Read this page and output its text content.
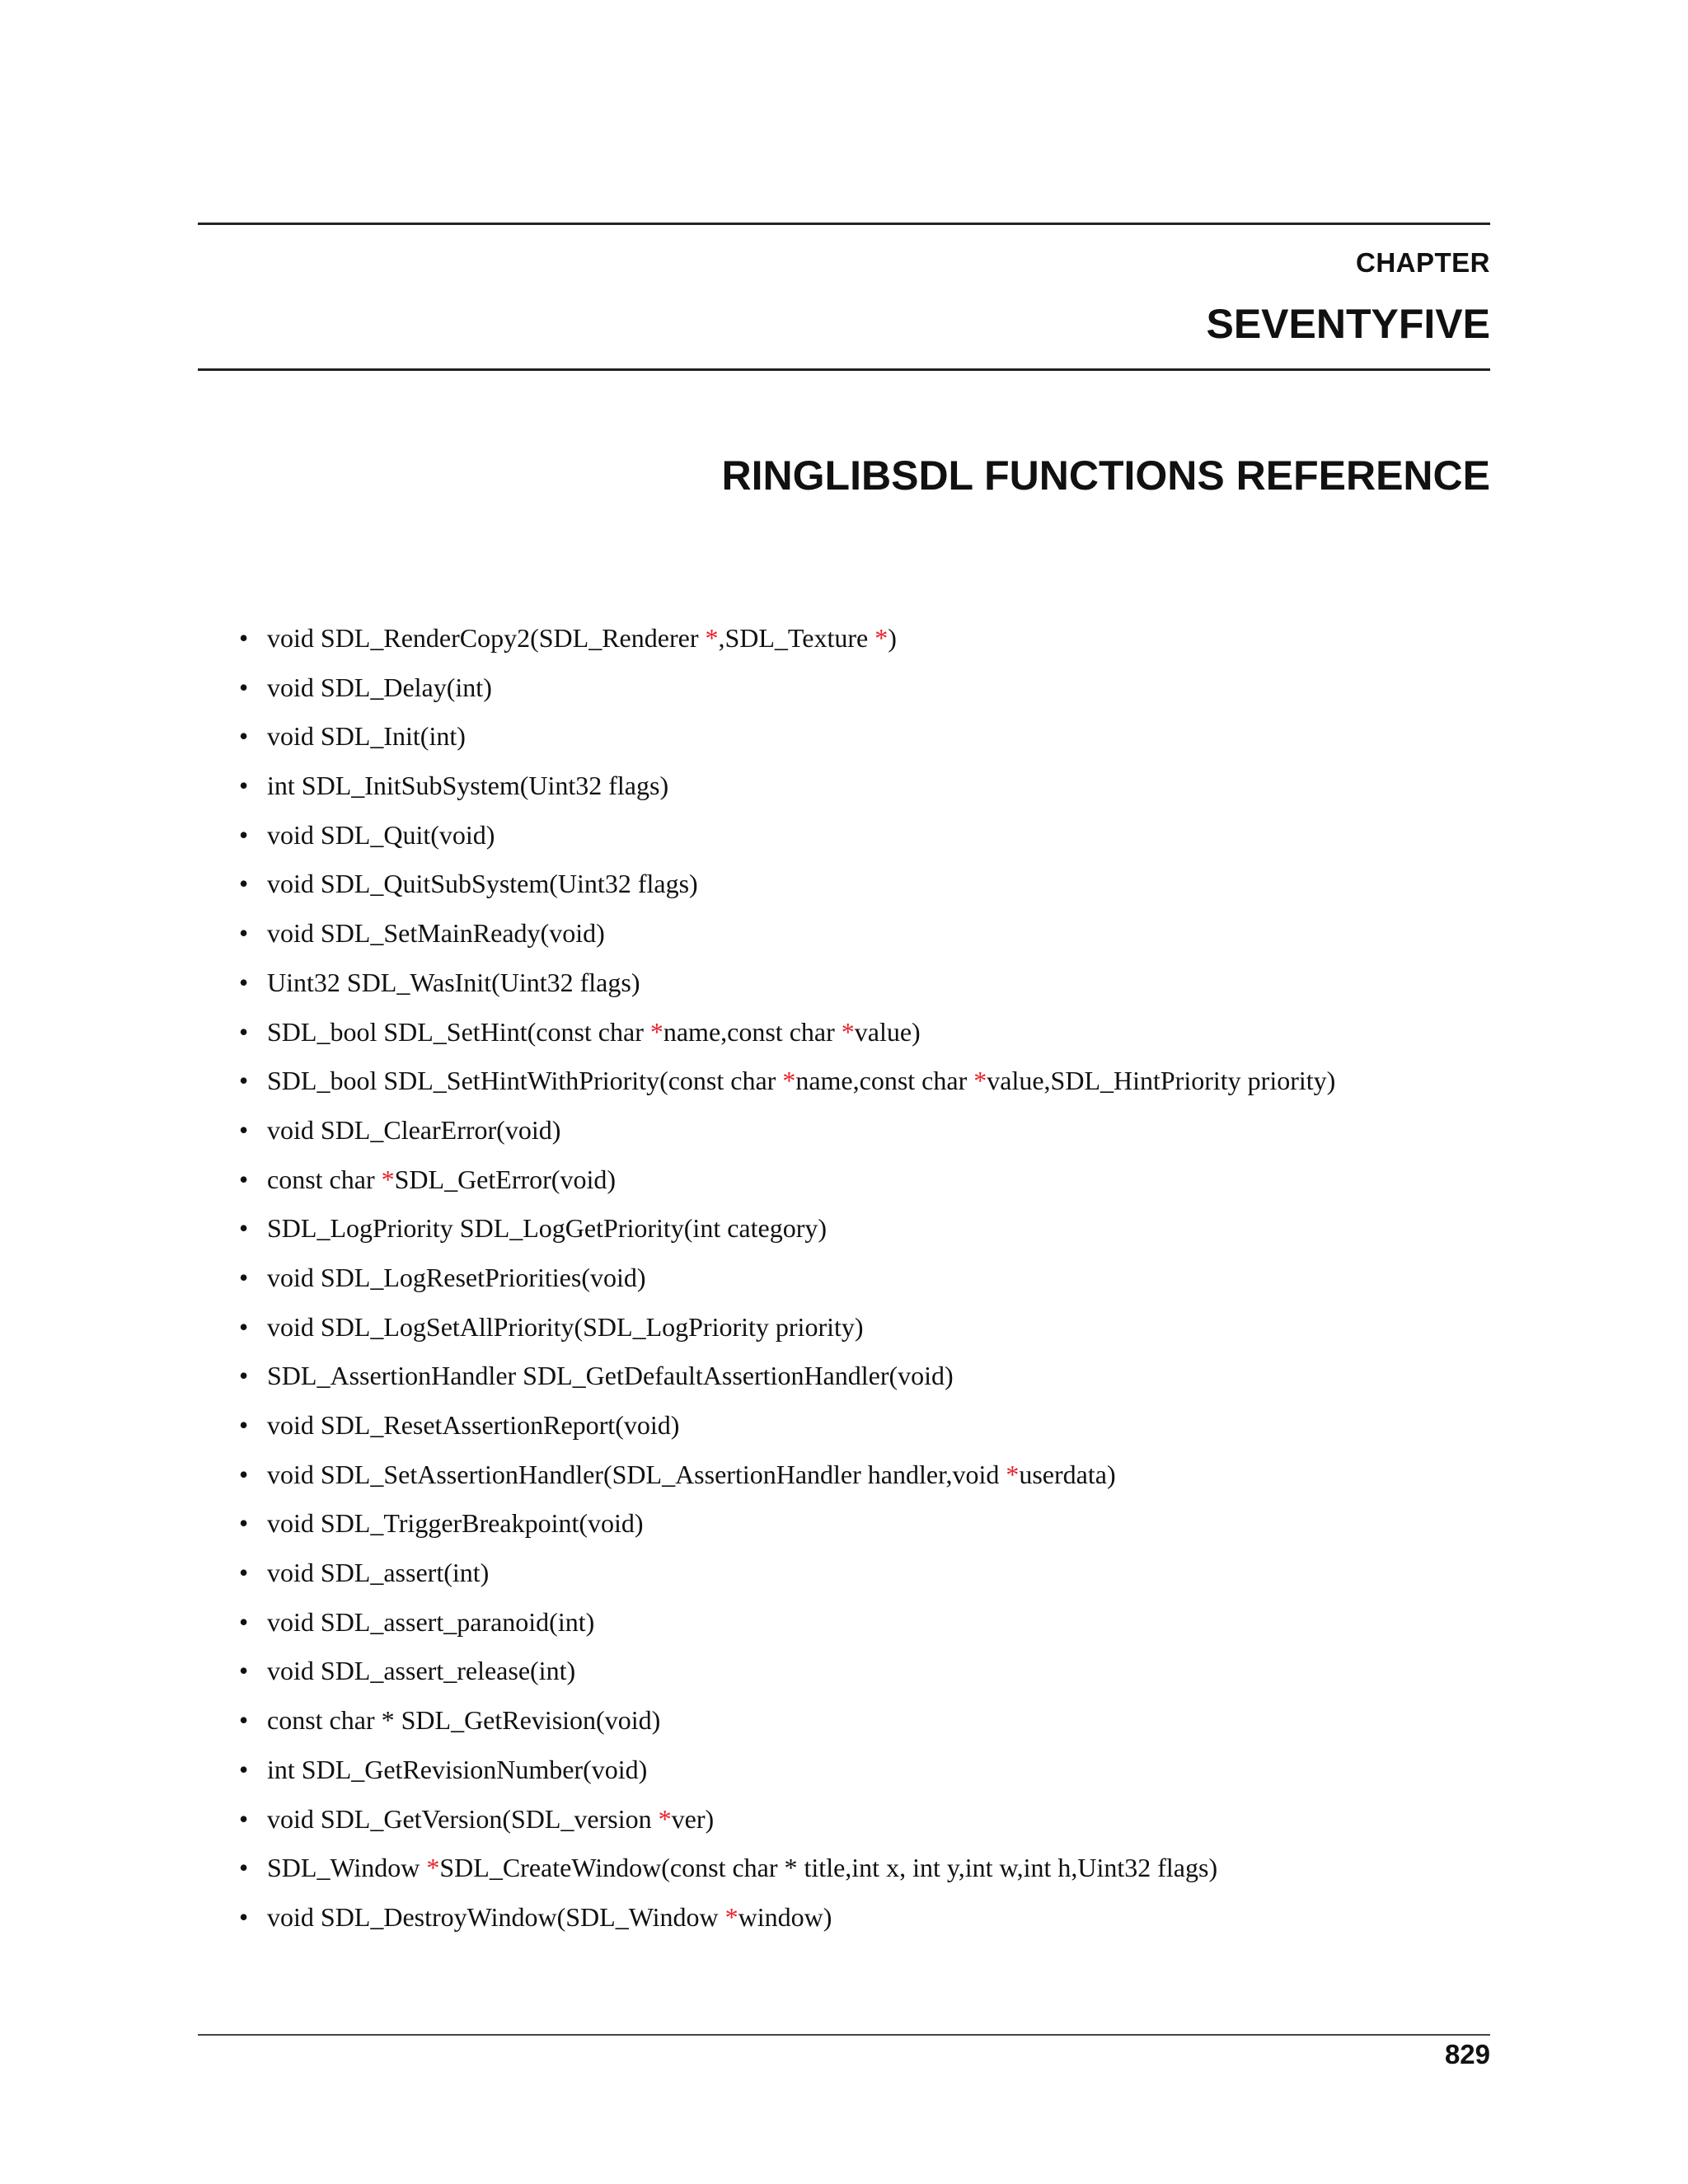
CHAPTER
SEVENTYFIVE
RINGLIBSDL FUNCTIONS REFERENCE
• void SDL_RenderCopy2(SDL_Renderer *,SDL_Texture *)
• void SDL_Delay(int)
• void SDL_Init(int)
• int SDL_InitSubSystem(Uint32 flags)
• void SDL_Quit(void)
• void SDL_QuitSubSystem(Uint32 flags)
• void SDL_SetMainReady(void)
• Uint32 SDL_WasInit(Uint32 flags)
• SDL_bool SDL_SetHint(const char *name,const char *value)
• SDL_bool SDL_SetHintWithPriority(const char *name,const char *value,SDL_HintPriority priority)
• void SDL_ClearError(void)
• const char *SDL_GetError(void)
• SDL_LogPriority SDL_LogGetPriority(int category)
• void SDL_LogResetPriorities(void)
• void SDL_LogSetAllPriority(SDL_LogPriority priority)
• SDL_AssertionHandler SDL_GetDefaultAssertionHandler(void)
• void SDL_ResetAssertionReport(void)
• void SDL_SetAssertionHandler(SDL_AssertionHandler handler,void *userdata)
• void SDL_TriggerBreakpoint(void)
• void SDL_assert(int)
• void SDL_assert_paranoid(int)
• void SDL_assert_release(int)
• const char * SDL_GetRevision(void)
• int SDL_GetRevisionNumber(void)
• void SDL_GetVersion(SDL_version *ver)
• SDL_Window *SDL_CreateWindow(const char * title,int x, int y,int w,int h,Uint32 flags)
• void SDL_DestroyWindow(SDL_Window *window)
829
